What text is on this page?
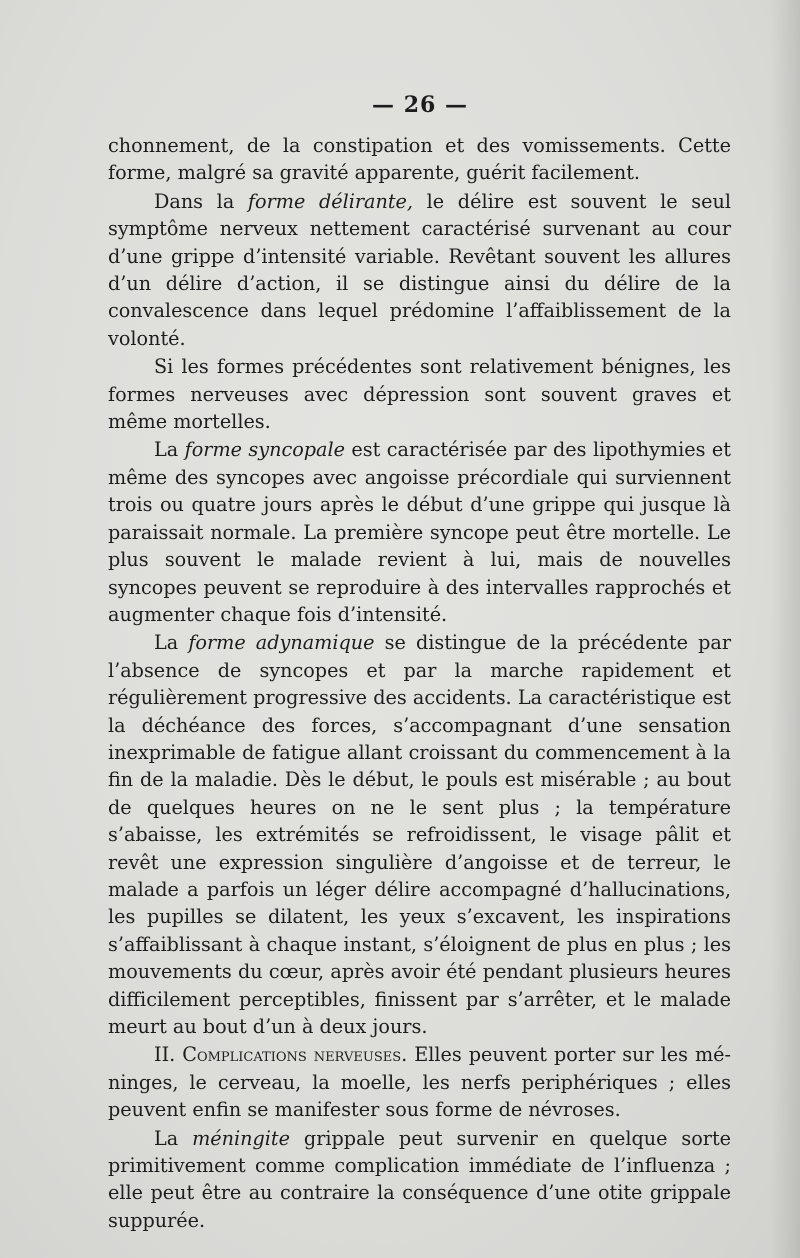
— 26 —

chonnement, de la constipation et des vomissements. Cette forme, malgré sa gravité apparente, guérit facilement.

Dans la forme délirante, le délire est souvent le seul symptôme nerveux nettement caractérisé survenant au cour d’une grippe d’intensité variable. Revêtant souvent les allures d’un délire d’action, il se distingue ainsi du délire de la convalescence dans lequel prédomine l’affaiblissement de la volonté.

Si les formes précédentes sont relativement bénignes, les formes nerveuses avec dépression sont souvent graves et même mortelles.

La forme syncopale est caractérisée par des lipothymies et même des syncopes avec angoisse précordiale qui surviennent trois ou quatre jours après le début d’une grippe qui jusque là paraissait normale. La première syncope peut être mortelle. Le plus souvent le malade revient à lui, mais de nouvelles syncopes peuvent se reproduire à des intervalles rapprochés et augmenter chaque fois d’intensité.

La forme adynamique se distingue de la précédente par l’absence de syncopes et par la marche rapidement et régulièrement progressive des accidents. La caractéristique est la déchéance des forces, s’accompagnant d’une sensation inexprimable de fatigue allant croissant du commencement à la fin de la maladie. Dès le début, le pouls est misérable ; au bout de quelques heures on ne le sent plus ; la température s’abaisse, les extrémités se refroidissent, le visage pâlit et revêt une expression singulière d’angoisse et de terreur, le malade a parfois un léger délire accompagné d’hallucinations, les pupilles se dilatent, les yeux s’excavent, les inspirations s’affaiblissant à chaque instant, s’éloignent de plus en plus ; les mouvements du cœur, après avoir été pendant plusieurs heures difficilement perceptibles, finissent par s’arrêter, et le malade meurt au bout d’un à deux jours.

II. Complications nerveuses. Elles peuvent porter sur les méninges, le cerveau, la moelle, les nerfs periphériques ; elles peuvent enfin se manifester sous forme de névroses.

La méningite grippale peut survenir en quelque sorte primitivement comme complication immédiate de l’influenza ; elle peut être au contraire la conséquence d’une otite grippale suppurée.
